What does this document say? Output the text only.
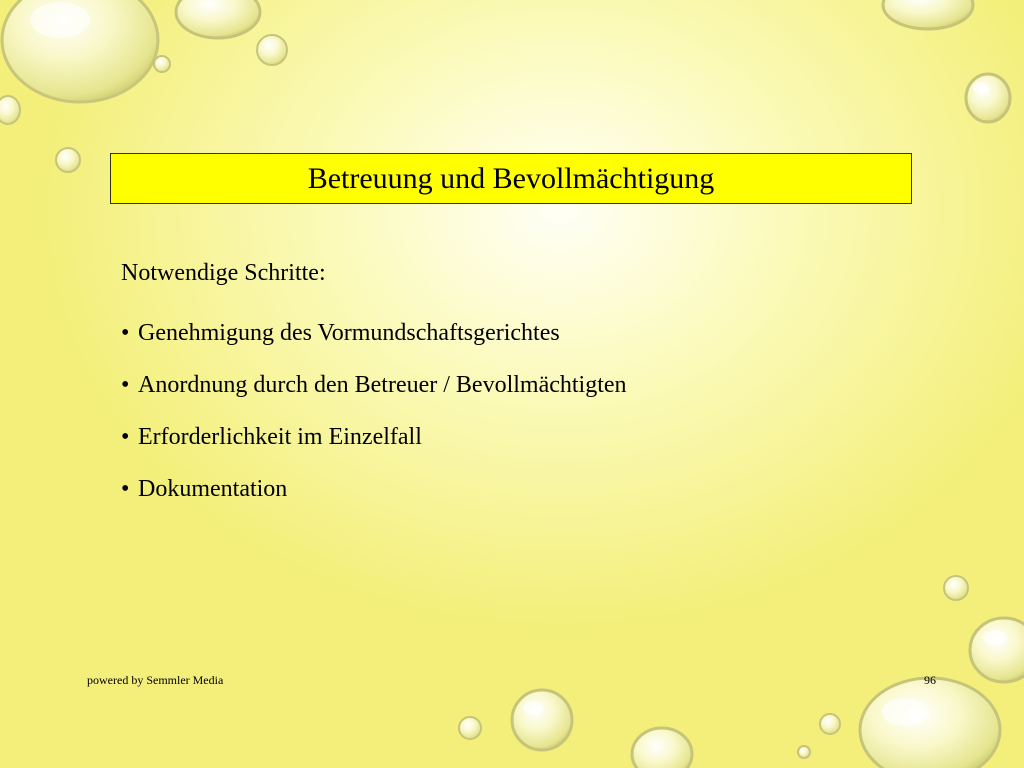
Betreuung und Bevollmächtigung
Notwendige Schritte:
• Genehmigung des Vormundschaftsgerichtes
• Anordnung durch den Betreuer / Bevollmächtigten
• Erforderlichkeit im Einzelfall
• Dokumentation
powered by Semmler Media	96
